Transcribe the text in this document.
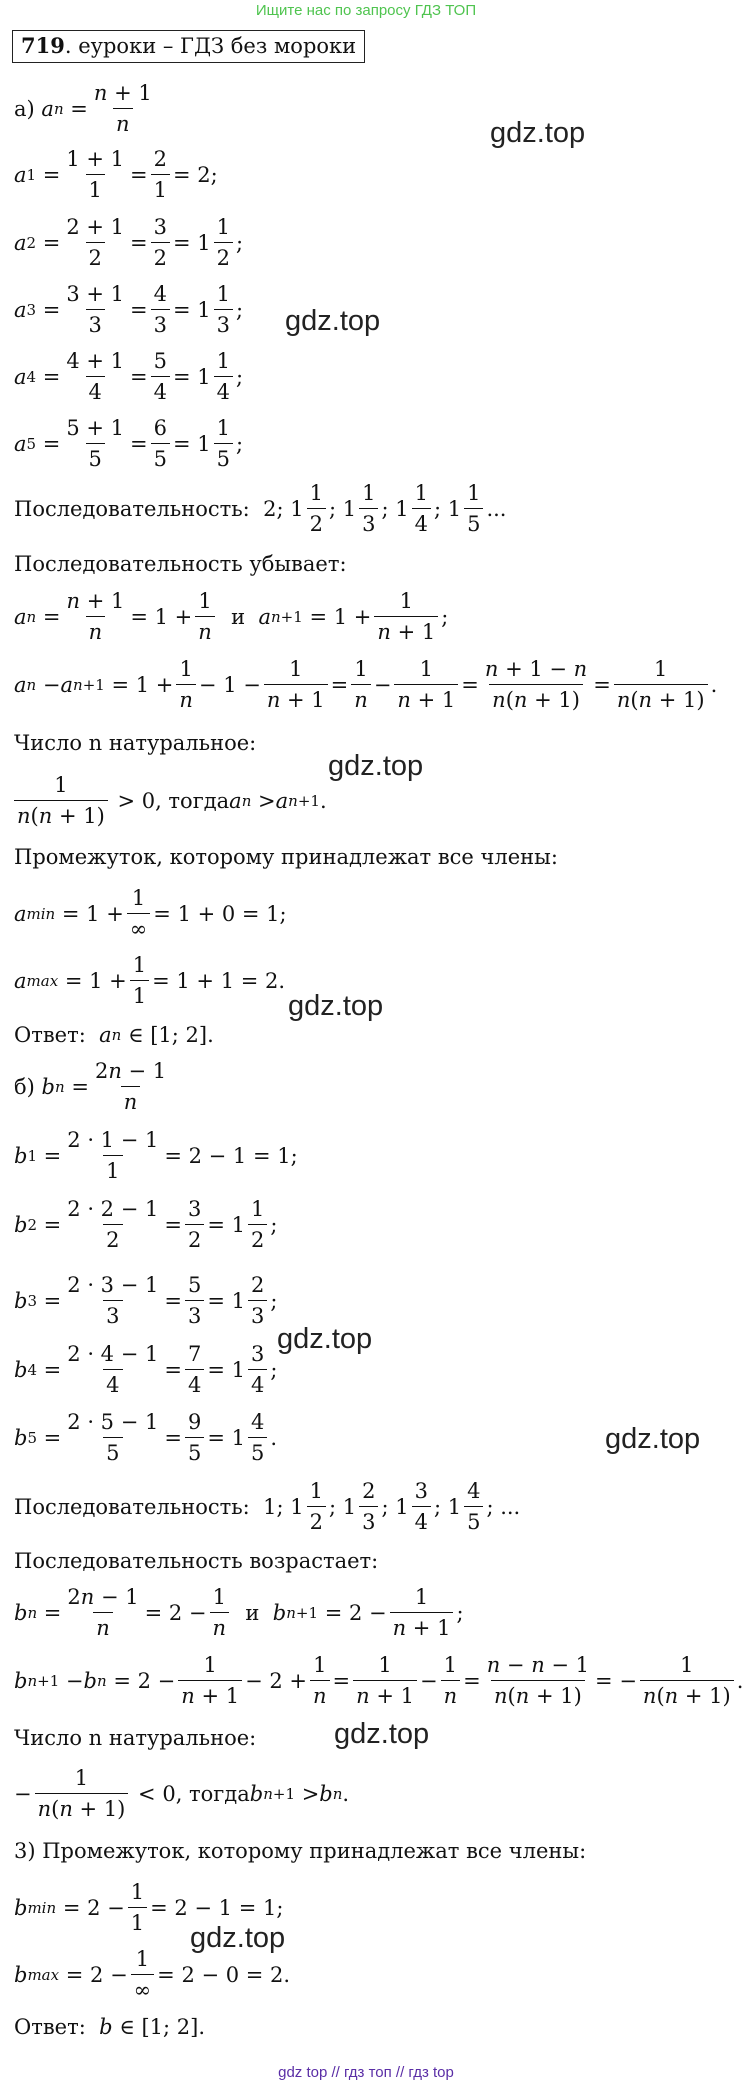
Ищите нас по запросу ГДЗ ТОП
719. еуроки – ГДЗ без мороки
а)
a $n = \frac{n + 1}{n}$
a $1 = \frac{1 + 1}{1} = \frac{2}{1} = 2$;
a $2 = \frac{2 + 1}{2} = \frac{3}{2} = 1 \frac{1}{2}$ ;
a $3 = \frac{3 + 1}{3} = \frac{4}{3} = 1 \frac{1}{3}$ ;
a $4 = \frac{4 + 1}{4} = \frac{5}{4} = 1 \frac{1}{4}$ ;
a $5 = \frac{5 + 1}{5} = \frac{6}{5} = 1 \frac{1}{5}$ ;
Последовательность: 2; $1 \frac{1}{2}$ ; $1 \frac{1}{3}$ ; $1 \frac{1}{4}$ ; $1 \frac{1}{5}$ ...
Последовательность убывает:
a $n = \frac{n + 1}{n} = 1 + \frac{1}{n}$ и a $n+1 = 1 + \frac{1}{n + 1}$ ;
a n − a $n+1 = 1 + \frac{1}{n} - 1 - \frac{1}{n + 1} = \frac{1}{n} - \frac{1}{n + 1} = \frac{n + 1 - n}{n(n + 1)} = \frac{1}{n(n + 1)}$ .
Число n натуральное:
$\frac{1}{n(n + 1)} > 0$ , тогда a n > a n+1 .
Промежуток, которому принадлежат все члены:
a $\min = 1 + \frac{1}{\infty} = 1 + 0 = 1$;
a $\max = 1 + \frac{1}{1} = 1 + 1 = 2$.
Ответ:
a n ∈ [1; 2].
б)
b $n = \frac{2n - 1}{n}$
b $1 = \frac{2 \cdot 1 - 1}{1} = 2 - 1 = 1$;
b $2 = \frac{2 \cdot 2 - 1}{2} = \frac{3}{2} = 1 \frac{1}{2}$ ;
b $3 = \frac{2 \cdot 3 - 1}{3} = \frac{5}{3} = 1 \frac{2}{3}$ ;
b $4 = \frac{2 \cdot 4 - 1}{4} = \frac{7}{4} = 1 \frac{3}{4}$ ;
b $5 = \frac{2 \cdot 5 - 1}{5} = \frac{9}{5} = 1 \frac{4}{5}$ .
Последовательность: 1; $1 \frac{1}{2}$ ; $1 \frac{2}{3}$ ; $1 \frac{3}{4}$ ; $1 \frac{4}{5}$ ; ...
Последовательность возрастает:
b $n = \frac{2n - 1}{n} = 2 - \frac{1}{n}$ и b $n+1 = 2 - \frac{1}{n + 1}$ ;
b n+1 − b $n = 2 - \frac{1}{n + 1} - 2 + \frac{1}{n} = \frac{1}{n + 1} - \frac{1}{n} = \frac{n - n - 1}{n(n + 1)}$ = − $\frac{1}{n(n + 1)}$ .
Число n натуральное:
− $\frac{1}{n(n + 1)} < 0$ , тогда b n+1 > b n .
3) Промежуток, которому принадлежат все члены:
b $\min = 2 - \frac{1}{1} = 2 - 1 = 1$;
b $\max = 2 - \frac{1}{\infty} = 2 - 0 = 2$.
Ответ:
b ∈ [1; 2].
gdz.top
gdz.top
gdz.top
gdz.top
gdz.top
gdz.top
gdz.top
gdz.top
gdz top // гдз топ // гдз top
